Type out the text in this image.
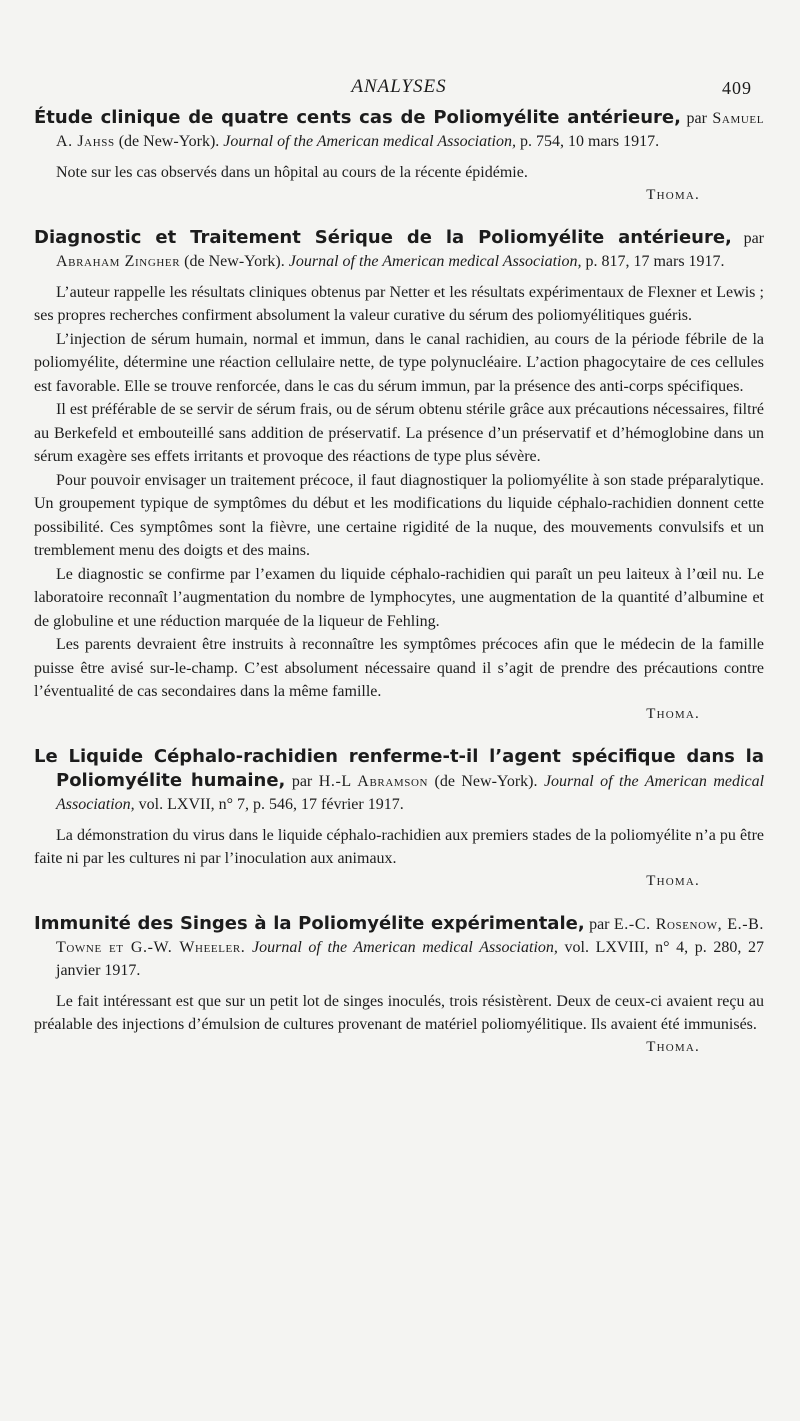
ANALYSES	409
Étude clinique de quatre cents cas de Poliomyélite antérieure, par Samuel A. Jahss (de New-York). Journal of the American medical Association, p. 754, 10 mars 1917.

Note sur les cas observés dans un hôpital au cours de la récente épidémie.

Thoma.
Diagnostic et Traitement Sérique de la Poliomyélite antérieure, par Abraham Zingher (de New-York). Journal of the American medical Association, p. 817, 17 mars 1917.

L’auteur rappelle les résultats cliniques obtenus par Netter et les résultats expérimentaux de Flexner et Lewis ; ses propres recherches confirment absolument la valeur curative du sérum des poliomyélitiques guéris.

L’injection de sérum humain, normal et immun, dans le canal rachidien, au cours de la période fébrile de la poliomyélite, détermine une réaction cellulaire nette, de type polynucléaire. L’action phagocytaire de ces cellules est favorable. Elle se trouve renforcée, dans le cas du sérum immun, par la présence des anti-corps spécifiques.

Il est préférable de se servir de sérum frais, ou de sérum obtenu stérile grâce aux précautions nécessaires, filtré au Berkefeld et embouteillé sans addition de préservatif. La présence d’un préservatif et d’hémoglobine dans un sérum exagère ses effets irritants et provoque des réactions de type plus sévère.

Pour pouvoir envisager un traitement précoce, il faut diagnostiquer la poliomyélite à son stade préparalytique. Un groupement typique de symptômes du début et les modifications du liquide céphalo-rachidien donnent cette possibilité. Ces symptômes sont la fièvre, une certaine rigidité de la nuque, des mouvements convulsifs et un tremblement menu des doigts et des mains.

Le diagnostic se confirme par l’examen du liquide céphalo-rachidien qui paraît un peu laiteux à l’œil nu. Le laboratoire reconnaît l’augmentation du nombre de lymphocytes, une augmentation de la quantité d’albumine et de globuline et une réduction marquée de la liqueur de Fehling.

Les parents devraient être instruits à reconnaître les symptômes précoces afin que le médecin de la famille puisse être avisé sur-le-champ. C’est absolument nécessaire quand il s’agit de prendre des précautions contre l’éventualité de cas secondaires dans la même famille.

Thoma.
Le Liquide Céphalo-rachidien renferme-t-il l’agent spécifique dans la Poliomyélite humaine, par H.-L Abramson (de New-York). Journal of the American medical Association, vol. LXVII, n° 7, p. 546, 17 février 1917.

La démonstration du virus dans le liquide céphalo-rachidien aux premiers stades de la poliomyélite n’a pu être faite ni par les cultures ni par l’inoculation aux animaux.

Thoma.
Immunité des Singes à la Poliomyélite expérimentale, par E.-C. Rosenow, E.-B. Towne et G.-W. Wheeler. Journal of the American medical Association, vol. LXVIII, n° 4, p. 280, 27 janvier 1917.

Le fait intéressant est que sur un petit lot de singes inoculés, trois résistèrent. Deux de ceux-ci avaient reçu au préalable des injections d’émulsion de cultures provenant de matériel poliomyélitique. Ils avaient été immunisés.

Thoma.
